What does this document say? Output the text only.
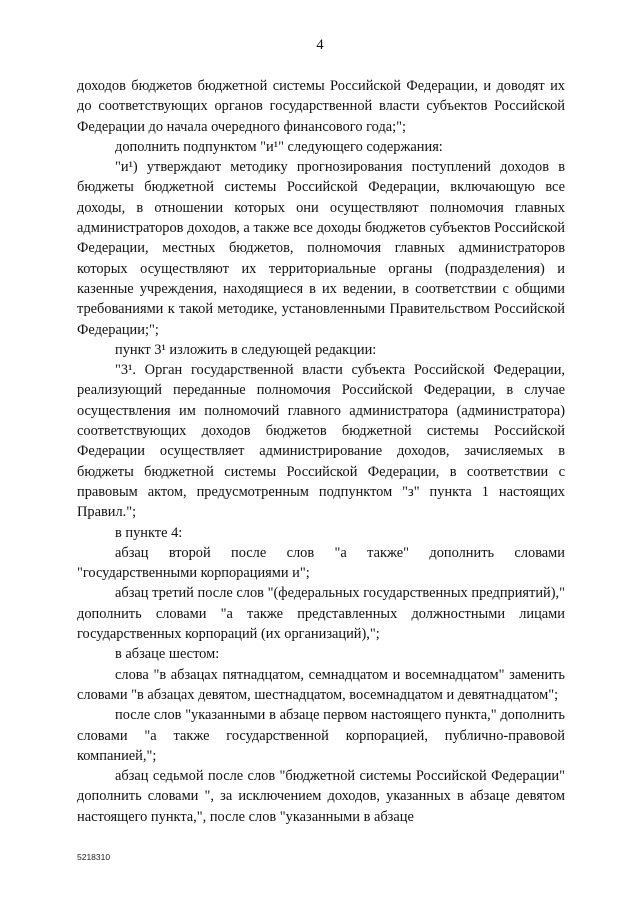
4

доходов бюджетов бюджетной системы Российской Федерации, и доводят их до соответствующих органов государственной власти субъектов Российской Федерации до начала очередного финансового года;";

дополнить подпунктом "и¹" следующего содержания:

"и¹) утверждают методику прогнозирования поступлений доходов в бюджеты бюджетной системы Российской Федерации, включающую все доходы, в отношении которых они осуществляют полномочия главных администраторов доходов, а также все доходы бюджетов субъектов Российской Федерации, местных бюджетов, полномочия главных администраторов которых осуществляют их территориальные органы (подразделения) и казенные учреждения, находящиеся в их ведении, в соответствии с общими требованиями к такой методике, установленными Правительством Российской Федерации;";

пункт 3¹ изложить в следующей редакции:

"3¹. Орган государственной власти субъекта Российской Федерации, реализующий переданные полномочия Российской Федерации, в случае осуществления им полномочий главного администратора (администратора) соответствующих доходов бюджетов бюджетной системы Российской Федерации осуществляет администрирование доходов, зачисляемых в бюджеты бюджетной системы Российской Федерации, в соответствии с правовым актом, предусмотренным подпунктом "з" пункта 1 настоящих Правил.";

в пункте 4:

абзац второй после слов "а также" дополнить словами "государственными корпорациями и";

абзац третий после слов "(федеральных государственных предприятий)," дополнить словами "а также представленных должностными лицами государственных корпораций (их организаций),";

в абзаце шестом:

слова "в абзацах пятнадцатом, семнадцатом и восемнадцатом" заменить словами "в абзацах девятом, шестнадцатом, восемнадцатом и девятнадцатом";

после слов "указанными в абзаце первом настоящего пункта," дополнить словами "а также государственной корпорацией, публично-правовой компанией,";

абзац седьмой после слов "бюджетной системы Российской Федерации" дополнить словами ", за исключением доходов, указанных в абзаце девятом настоящего пункта,", после слов "указанными в абзаце

5218310
